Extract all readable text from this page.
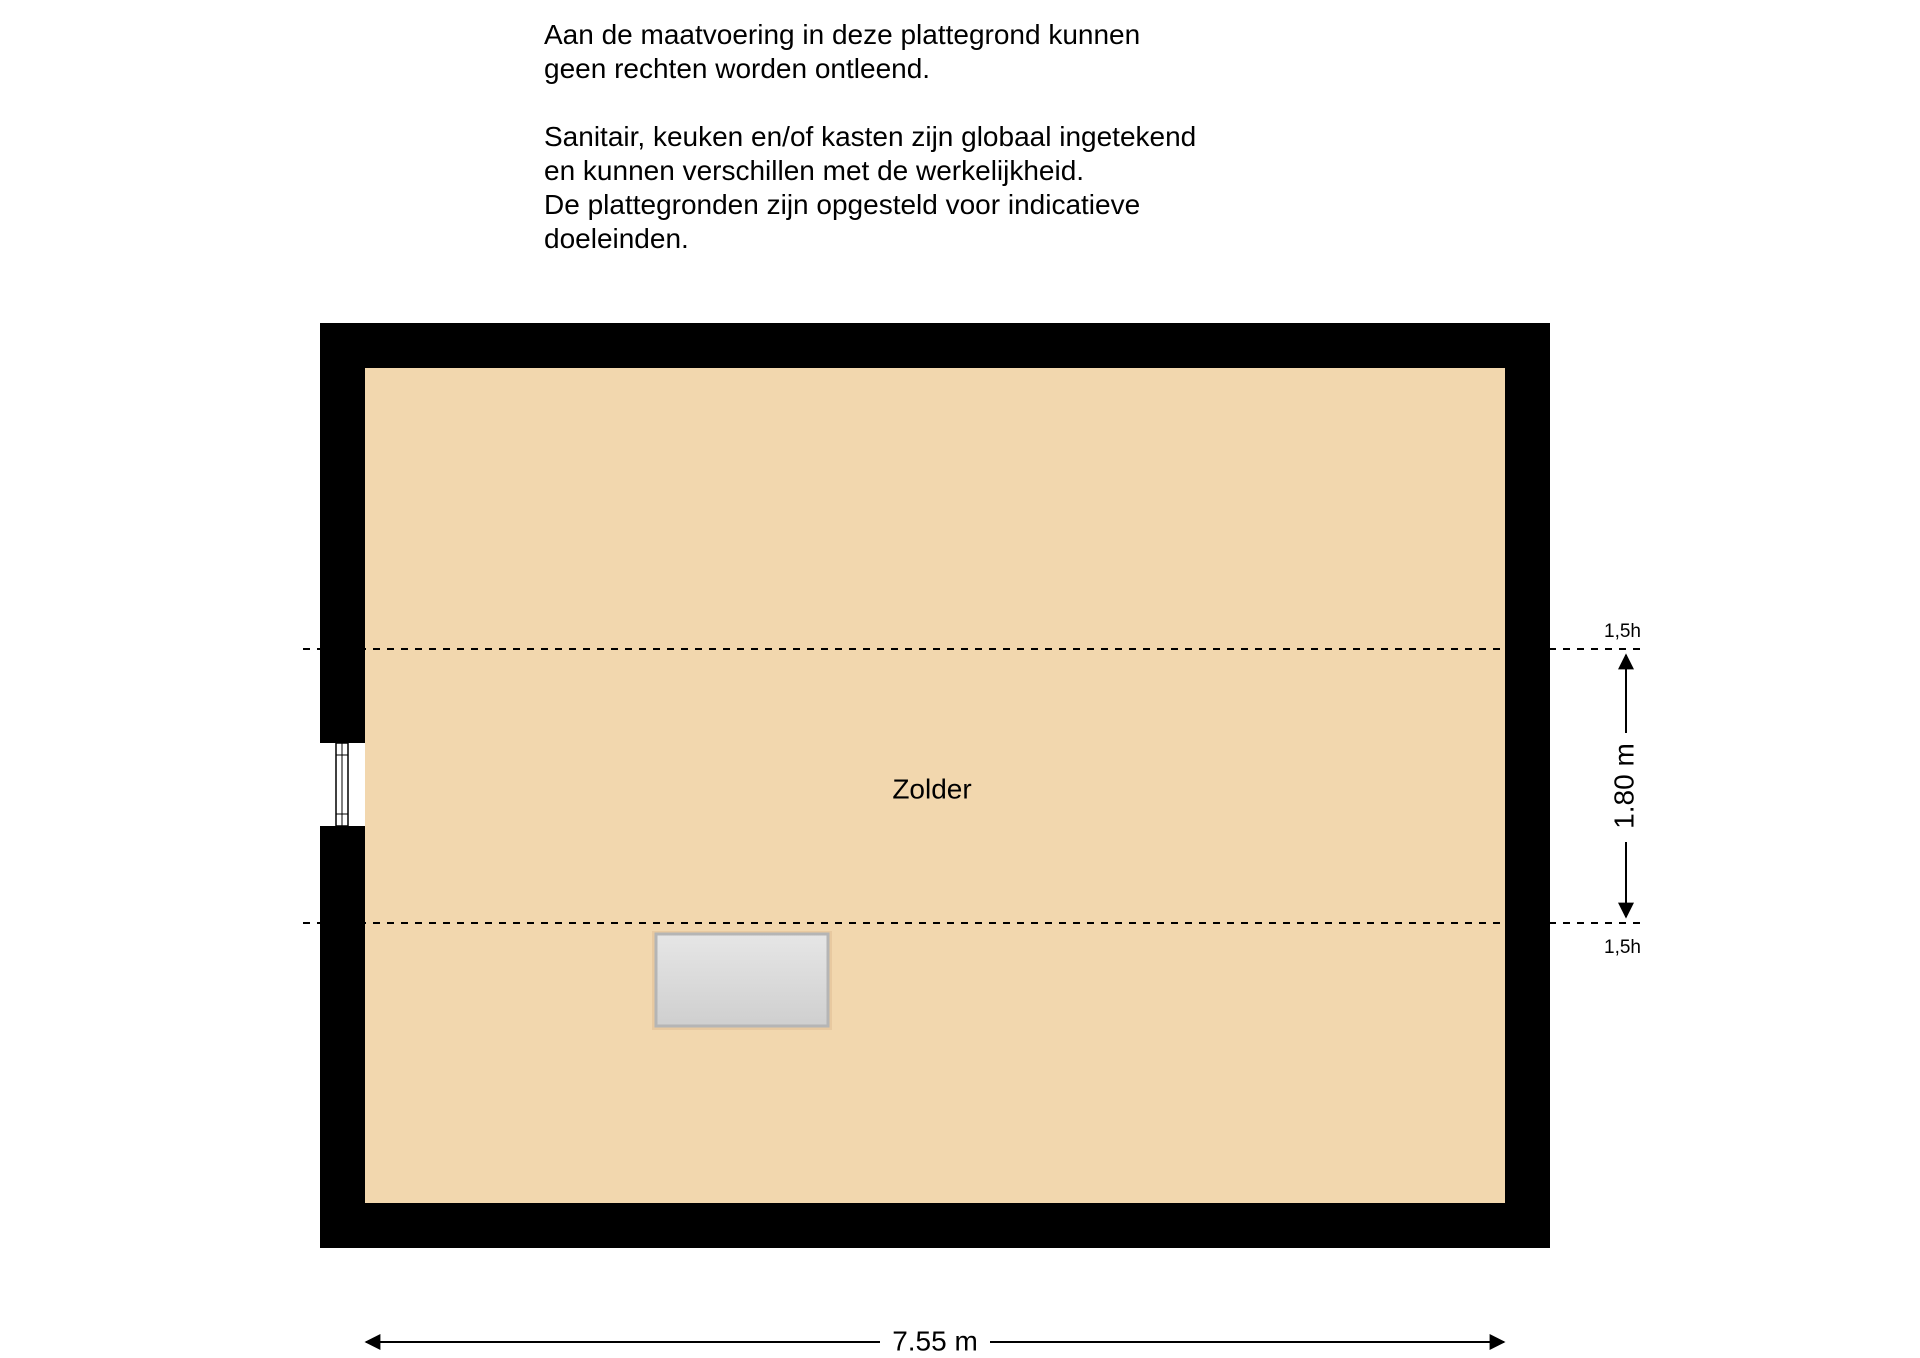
Aan de maatvoering in deze plattegrond kunnen
geen rechten worden ontleend.

Sanitair, keuken en/of kasten zijn globaal ingetekend
en kunnen verschillen met de werkelijkheid.
De plattegronden zijn opgesteld voor indicatieve
doeleinden.

1,5h
1,5h
1.80 m
Zolder
7.55 m
